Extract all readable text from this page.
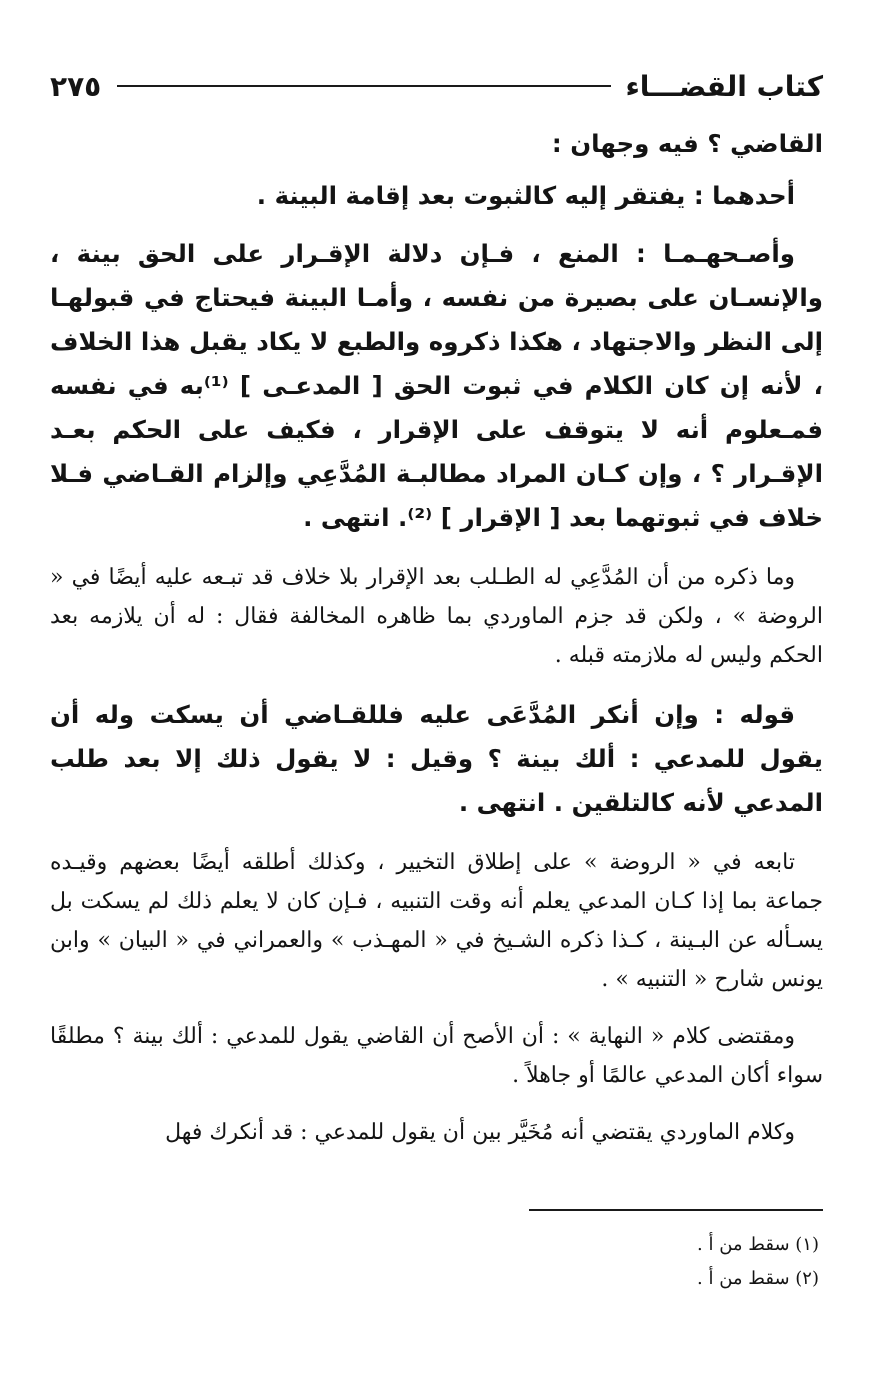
كتاب القضـــاء
٢٧٥

القاضي ؟ فيه وجهان :

أحدهما : يفتقر إليه كالثبوت بعد إقامة البينة .

وأصـحهـمـا : المنع ، فـإن دلالة الإقـرار على الحق بينة ، والإنسـان على بصيرة من نفسه ، وأمـا البينة فيحتاج في قبولهـا إلى النظر والاجتهاد ، هكذا ذكروه والطبع لا يكاد يقبل هذا الخلاف ، لأنه إن كان الكلام في ثبوت الحق [ المدعـى ] ⁽¹⁾به في نفسه فمـعلوم أنه لا يتوقف على الإقرار ، فكيف على الحكم بعـد الإقـرار ؟ ، وإن كـان المراد مطالبـة المُدَّعِي وإلزام القـاضي فـلا خلاف في ثبوتهما بعد [ الإقرار ] ⁽²⁾. انتهى .

وما ذكره من أن المُدَّعِي له الطـلب بعد الإقرار بلا خلاف قد تبـعه عليه أيضًا في « الروضة » ، ولكن قد جزم الماوردي بما ظاهره المخالفة فقال : له أن يلازمه بعد الحكم وليس له ملازمته قبله .

قوله : وإن أنكر المُدَّعَى عليه فللقـاضي أن يسكت وله أن يقول للمدعي : ألك بينة ؟ وقيل : لا يقول ذلك إلا بعد طلب المدعي لأنه كالتلقين . انتهى .

تابعه في « الروضة » على إطلاق التخيير ، وكذلك أطلقه أيضًا بعضهم وقيـده جماعة بما إذا كـان المدعي يعلم أنه وقت التنبيه ، فـإن كان لا يعلم ذلك لم يسكت بل يسـأله عن البـينة ، كـذا ذكره الشـيخ في « المهـذب » والعمراني في « البيان » وابن يونس شارح « التنبيه » .

ومقتضى كلام « النهاية » : أن الأصح أن القاضي يقول للمدعي : ألك بينة ؟ مطلقًا سواء أكان المدعي عالمًا أو جاهلاً .

وكلام الماوردي يقتضي أنه مُخَيَّر بين أن يقول للمدعي : قد أنكرك فهل

(١) سقط من أ .

(٢) سقط من أ .
